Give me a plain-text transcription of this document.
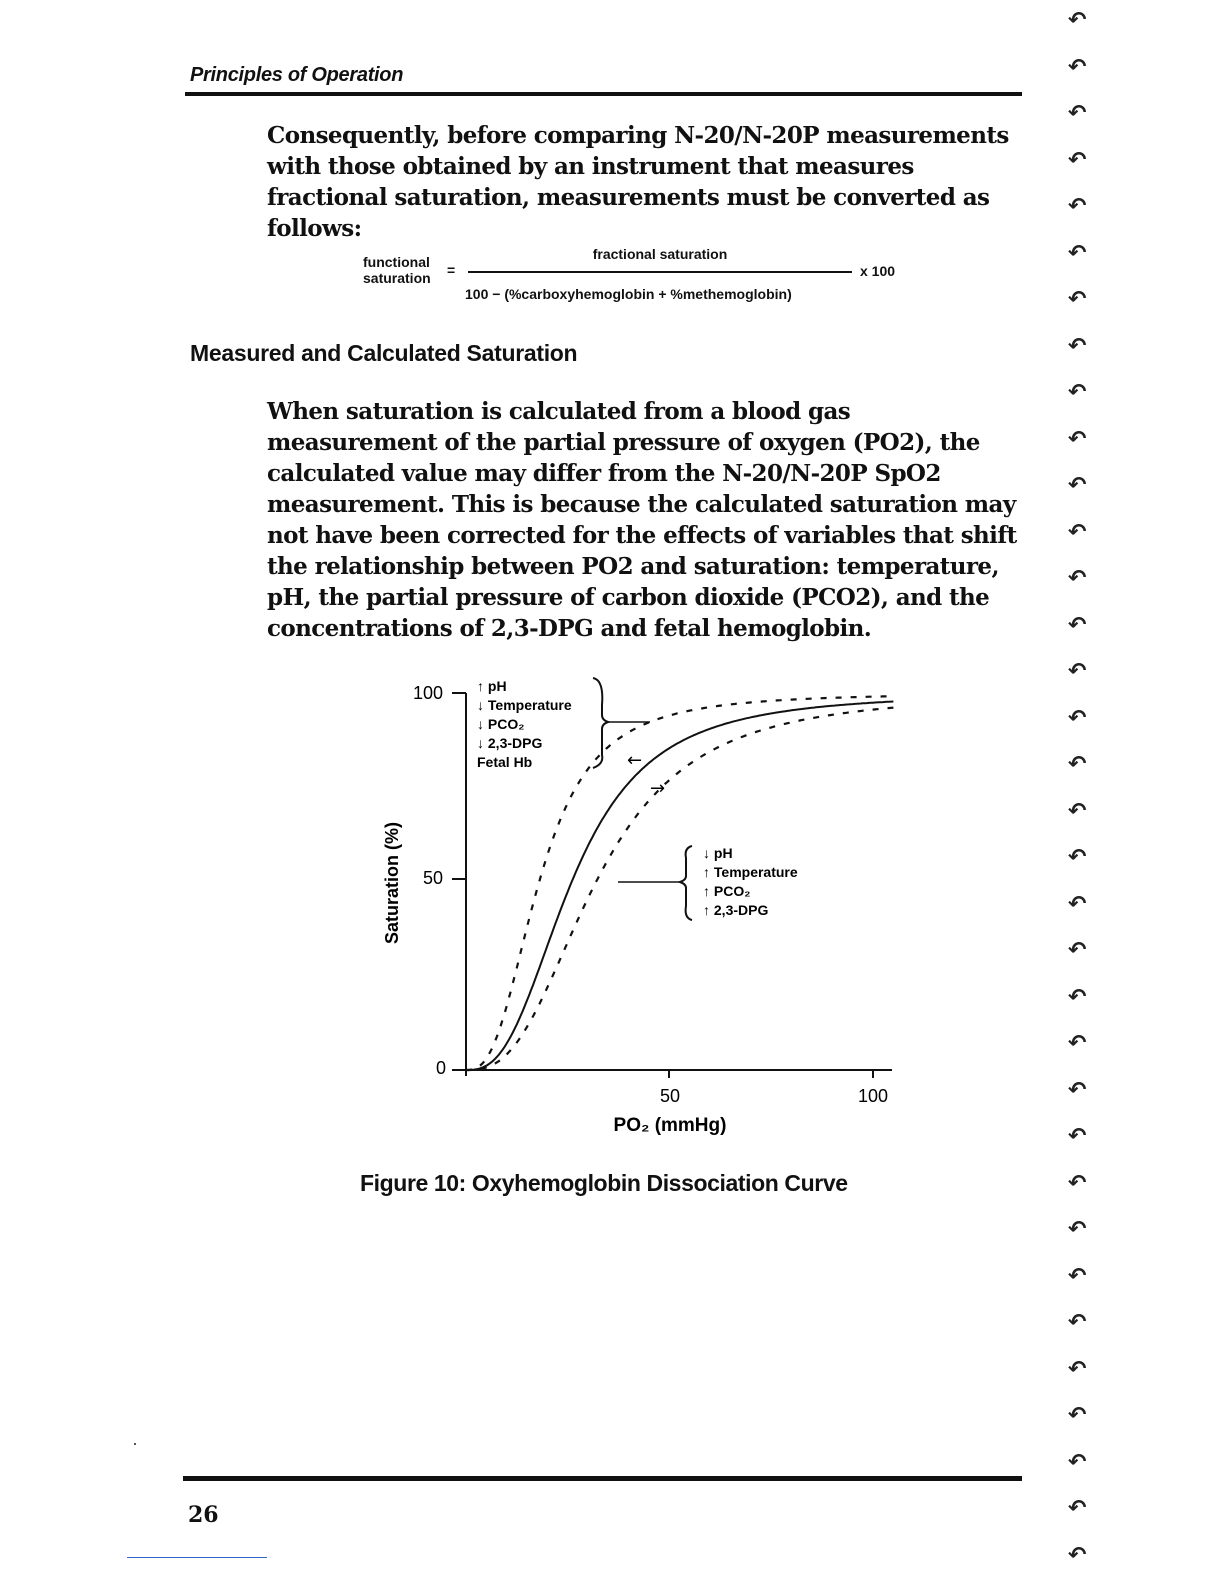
Principles of Operation

Consequently, before comparing N-20/N-20P measurements with those obtained by an instrument that measures fractional saturation, measurements must be converted as follows:

functional
saturation =
fractional saturation
100 − (%carboxyhemoglobin + %methemoglobin)
x 100
Measured and Calculated Saturation

When saturation is calculated from a blood gas measurement of the partial pressure of oxygen (PO2), the calculated value may differ from the N-20/N-20P SpO2 measurement. This is because the calculated saturation may not have been corrected for the effects of variables that shift the relationship between PO2 and saturation: temperature, pH, the partial pressure of carbon dioxide (PCO2), and the concentrations of 2,3-DPG and fetal hemoglobin.

100
50
0
50	100
PO₂ (mmHg)
Saturation (%)
↑ pH
↓ Temperature
↓ PCO₂
↓ 2,3-DPG
Fetal Hb	←
→
↓ pH
↑ Temperature
↑ PCO₂
↑ 2,3-DPG
Figure 10: Oxyhemoglobin Dissociation Curve
26
↶
↶
↶
↶
↶
↶
↶
↶
↶
↶
↶
↶
↶
↶
↶
↶
↶
↶
↶
↶
↶
↶
↶
↶
↶
↶
↶
↶
↶
↶
↶
↶
↶
↶
